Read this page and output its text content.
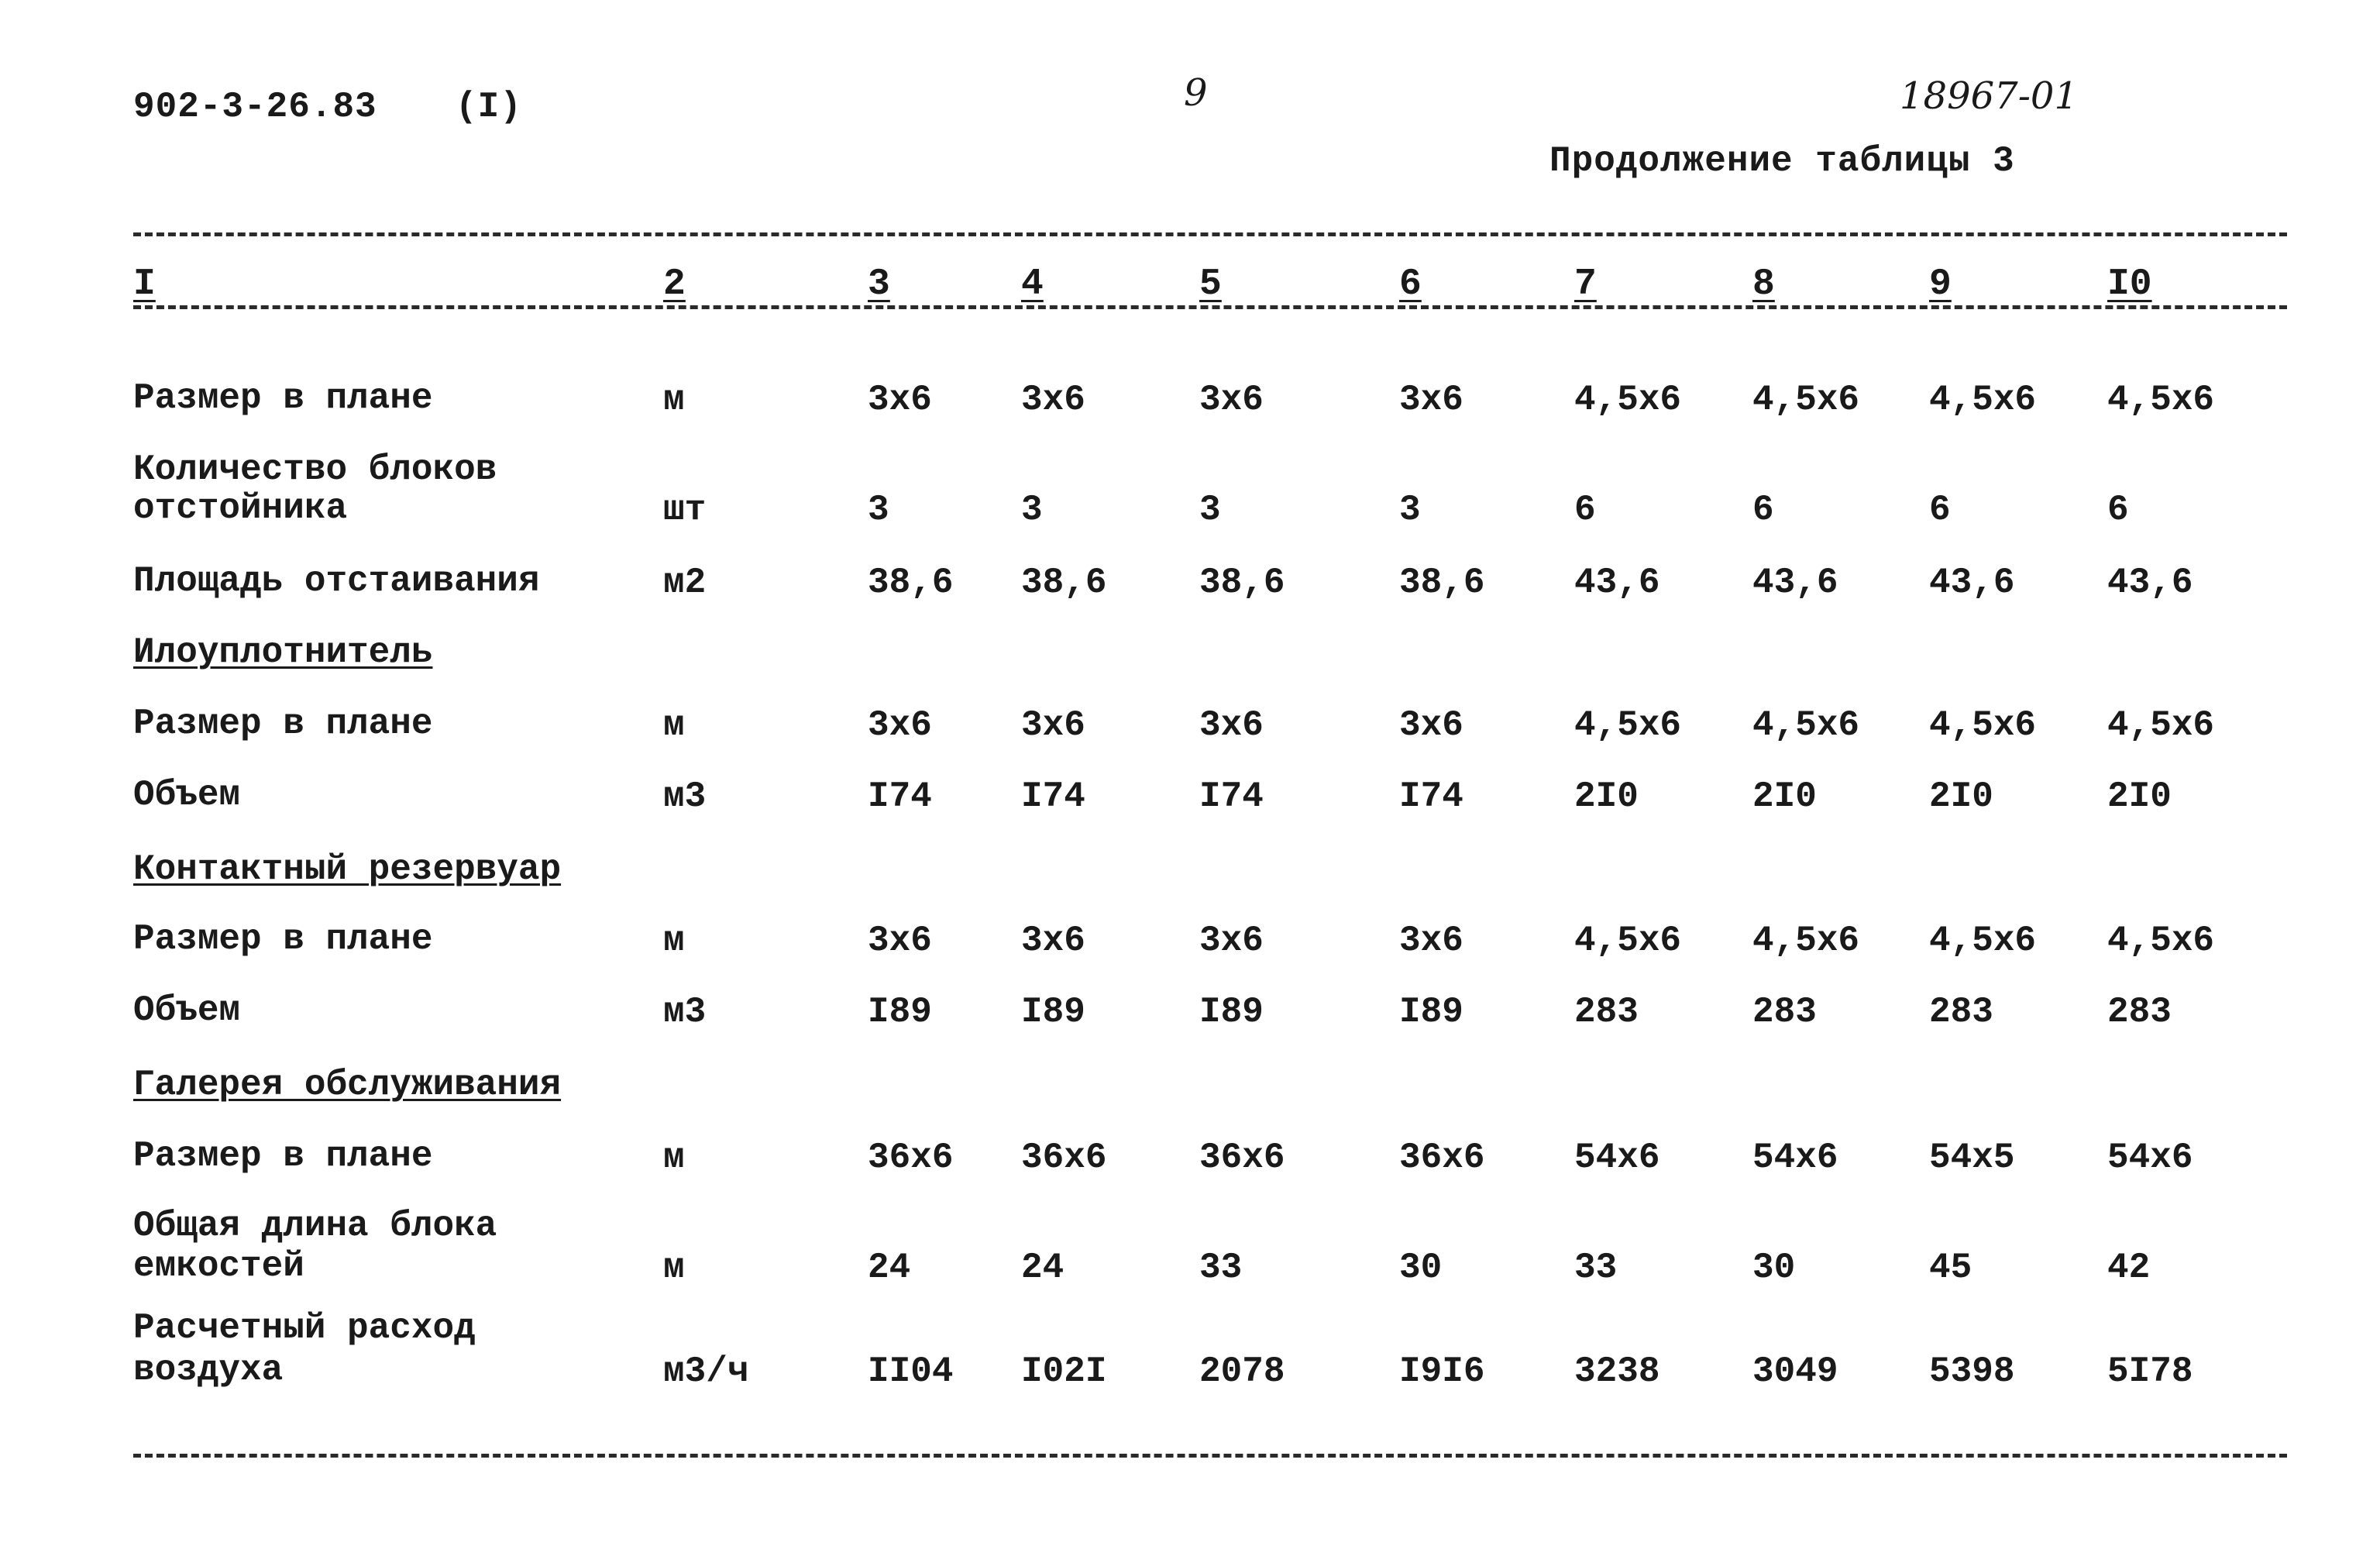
902-3-26.83 (I)	9	18967-01
Продолжение таблицы 3
I	2	3	4	5	6	7	8	9	I0
Размер в плане	м	3x6	3x6	3x6	3x6	4,5x6 4,5x6 4,5x6 4,5x6
Количество блоков
отстойника	шт	3	3	3	3	6	6	6	6
Площадь отстаивания	м2	38,6 38,6	38,6	38,6	43,6	43,6	43,6	43,6
Илоуплотнитель
Размер в плане	м	3x6	3x6	3x6	3x6	4,5x6 4,5x6 4,5x6 4,5x6
Объем	м3	I74	I74	I74	I74	2I0	2I0	2I0	2I0
Контактный резервуар
Размер в плане	м	3x6	3x6	3x6	3x6	4,5x6 4,5x6 4,5x6 4,5x6
Объем	м3	I89	I89	I89	I89	283	283	283	283
Галерея обслуживания
Размер в плане	м	36x6 36x6	36x6	36x6	54x6	54x6	54x5	54x6
Общая длина блока
емкостей	м	24	24	33	30	33	30	45	42
Расчетный расход
воздуха	м3/ч	II04 I02I	2078	I9I6	3238	3049	5398	5I78
